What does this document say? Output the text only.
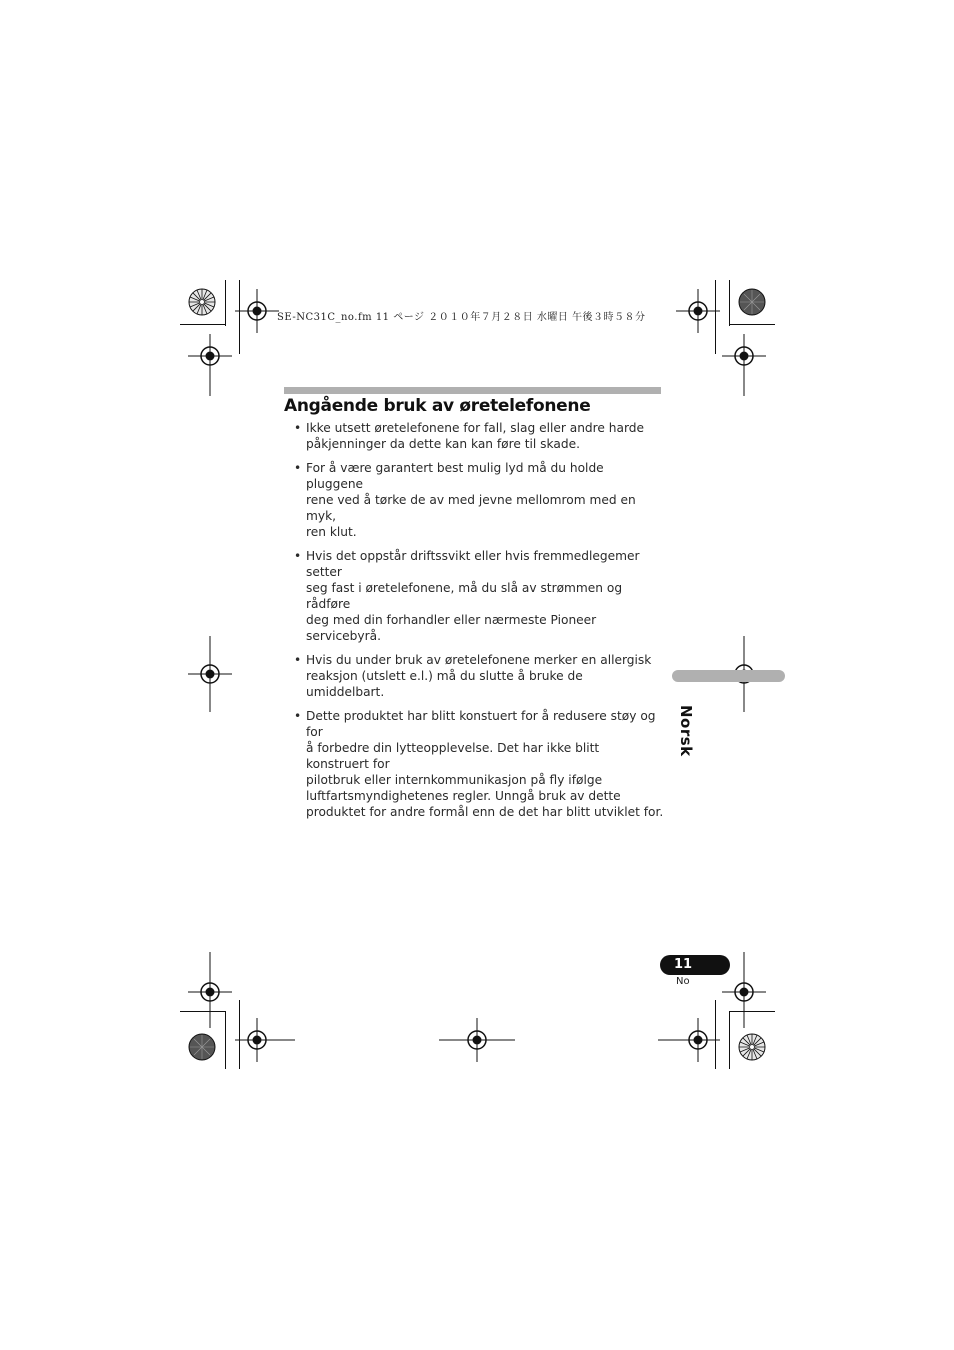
SE-NC31C_no.fm 11 ページ ２０１０年７月２８日 水曜日 午後３時５８分
Angående bruk av øretelefonene
• Ikke utsett øretelefonene for fall, slag eller andre harde
påkjenninger da dette kan kan føre til skade.
• For å være garantert best mulig lyd må du holde pluggene
rene ved å tørke de av med jevne mellomrom med en myk,
ren klut.
• Hvis det oppstår driftssvikt eller hvis fremmedlegemer setter
seg fast i øretelefonene, må du slå av strømmen og rådføre
deg med din forhandler eller nærmeste Pioneer servicebyrå.
• Hvis du under bruk av øretelefonene merker en allergisk
reaksjon (utslett e.l.) må du slutte å bruke de umiddelbart.
• Dette produktet har blitt konstuert for å redusere støy og for
å forbedre din lytteopplevelse. Det har ikke blitt konstruert for
pilotbruk eller internkommunikasjon på fly ifølge
luftfartsmyndighetenes regler. Unngå bruk av dette
produktet for andre formål enn de det har blitt utviklet for.
Norsk
11
No
